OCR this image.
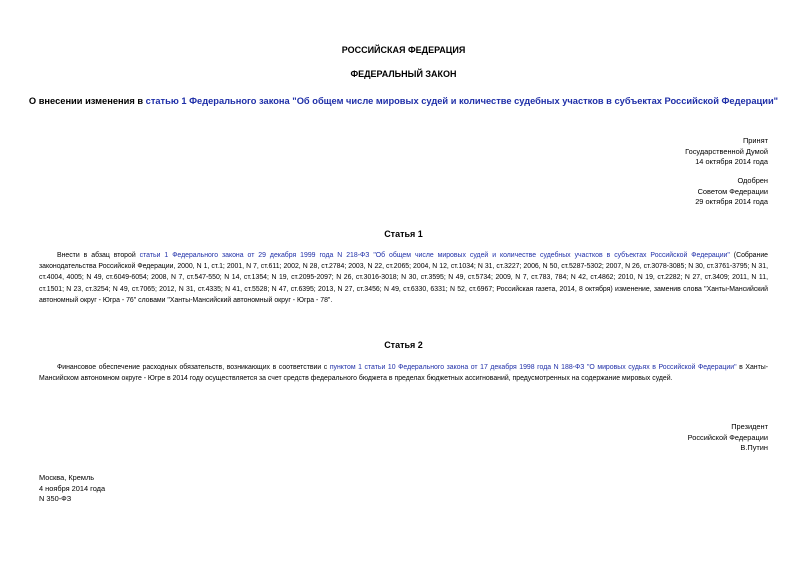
РОССИЙСКАЯ ФЕДЕРАЦИЯ
ФЕДЕРАЛЬНЫЙ ЗАКОН
О внесении изменения в статью 1 Федерального закона "Об общем числе мировых судей и количестве судебных участков в субъектах Российской Федерации"
Принят
Государственной Думой
14 октября 2014 года
Одобрен
Советом Федерации
29 октября 2014 года
Статья 1
Внести в абзац второй статьи 1 Федерального закона от 29 декабря 1999 года N 218-ФЗ "Об общем числе мировых судей и количестве судебных участков в субъектах Российской Федерации" (Собрание законодательства Российской Федерации, 2000, N 1, ст.1; 2001, N 7, ст.611; 2002, N 28, ст.2784; 2003, N 22, ст.2065; 2004, N 12, ст.1034; N 31, ст.3227; 2006, N 50, ст.5287-5302; 2007, N 26, ст.3078-3085; N 30, ст.3761-3795; N 31, ст.4004, 4005; N 49, ст.6049-6054; 2008, N 7, ст.547-550; N 14, ст.1354; N 19, ст.2095-2097; N 26, ст.3016-3018; N 30, ст.3595; N 49, ст.5734; 2009, N 7, ст.783, 784; N 42, ст.4862; 2010, N 19, ст.2282; N 27, ст.3409; 2011, N 11, ст.1501; N 23, ст.3254; N 49, ст.7065; 2012, N 31, ст.4335; N 41, ст.5528; N 47, ст.6395; 2013, N 27, ст.3456; N 49, ст.6330, 6331; N 52, ст.6967; Российская газета, 2014, 8 октября) изменение, заменив слова "Ханты-Мансийский автономный округ - Югра - 76" словами "Ханты-Мансийский автономный округ - Югра - 78".
Статья 2
Финансовое обеспечение расходных обязательств, возникающих в соответствии с пунктом 1 статьи 10 Федерального закона от 17 декабря 1998 года N 188-ФЗ "О мировых судьях в Российской Федерации" в Ханты-Мансийском автономном округе - Югре в 2014 году осуществляется за счет средств федерального бюджета в пределах бюджетных ассигнований, предусмотренных на содержание мировых судей.
Президент
Российской Федерации
В.Путин
Москва, Кремль
4 ноября 2014 года
N 350-ФЗ
